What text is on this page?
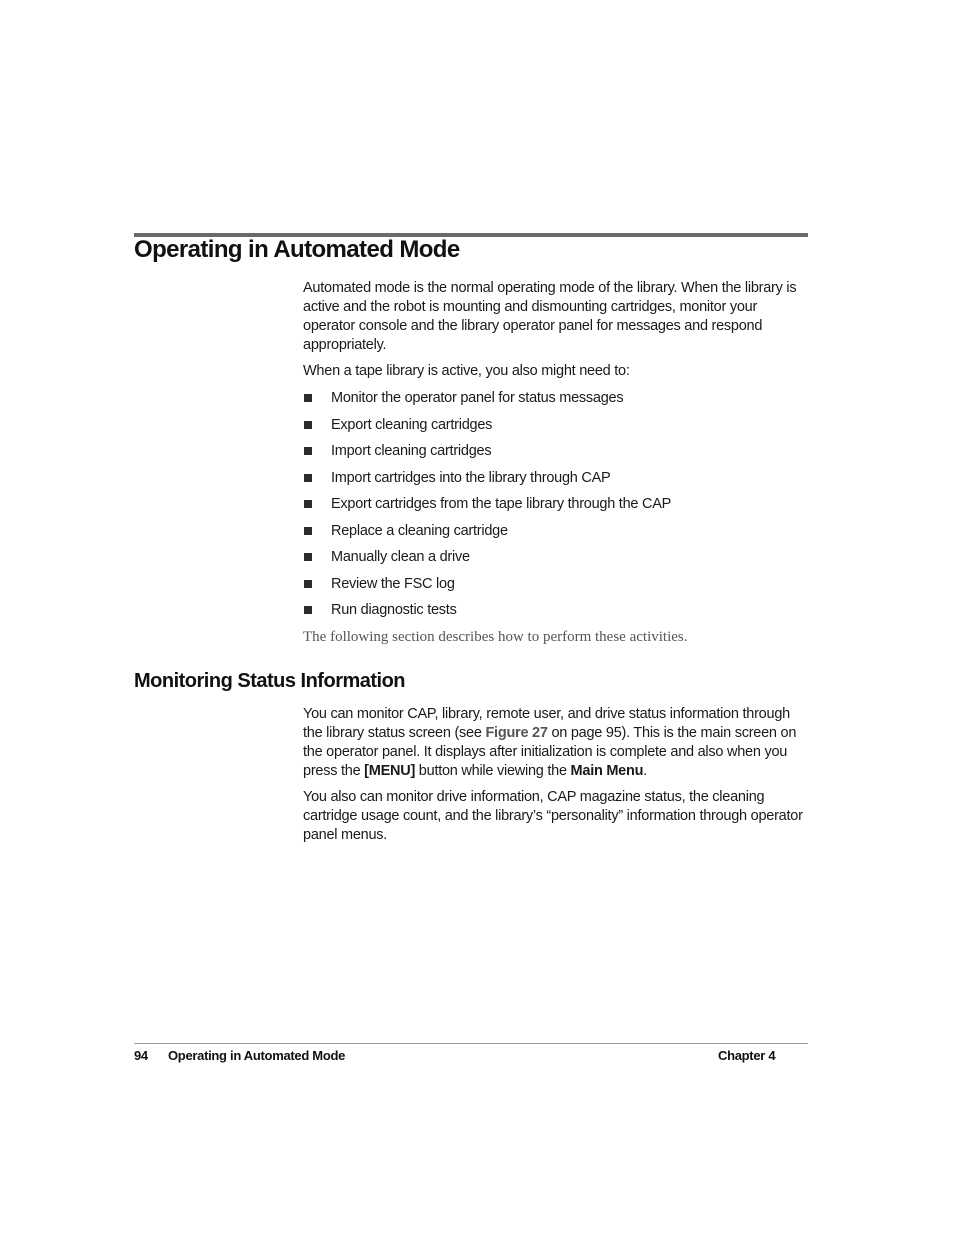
Operating in Automated Mode

Automated mode is the normal operating mode of the library. When the library is active and the robot is mounting and dismounting cartridges, monitor your operator console and the library operator panel for messages and respond appropriately.

When a tape library is active, you also might need to:

Monitor the operator panel for status messages
Export cleaning cartridges
Import cleaning cartridges
Import cartridges into the library through CAP
Export cartridges from the tape library through the CAP
Replace a cleaning cartridge
Manually clean a drive
Review the FSC log
Run diagnostic tests

The following section describes how to perform these activities.

Monitoring Status Information

You can monitor CAP, library, remote user, and drive status information through the library status screen (see Figure 27 on page 95). This is the main screen on the operator panel. It displays after initialization is complete and also when you press the [MENU] button while viewing the Main Menu.

You also can monitor drive information, CAP magazine status, the cleaning cartridge usage count, and the library’s “personality” information through operator panel menus.

94 Operating in Automated Mode	Chapter 4
